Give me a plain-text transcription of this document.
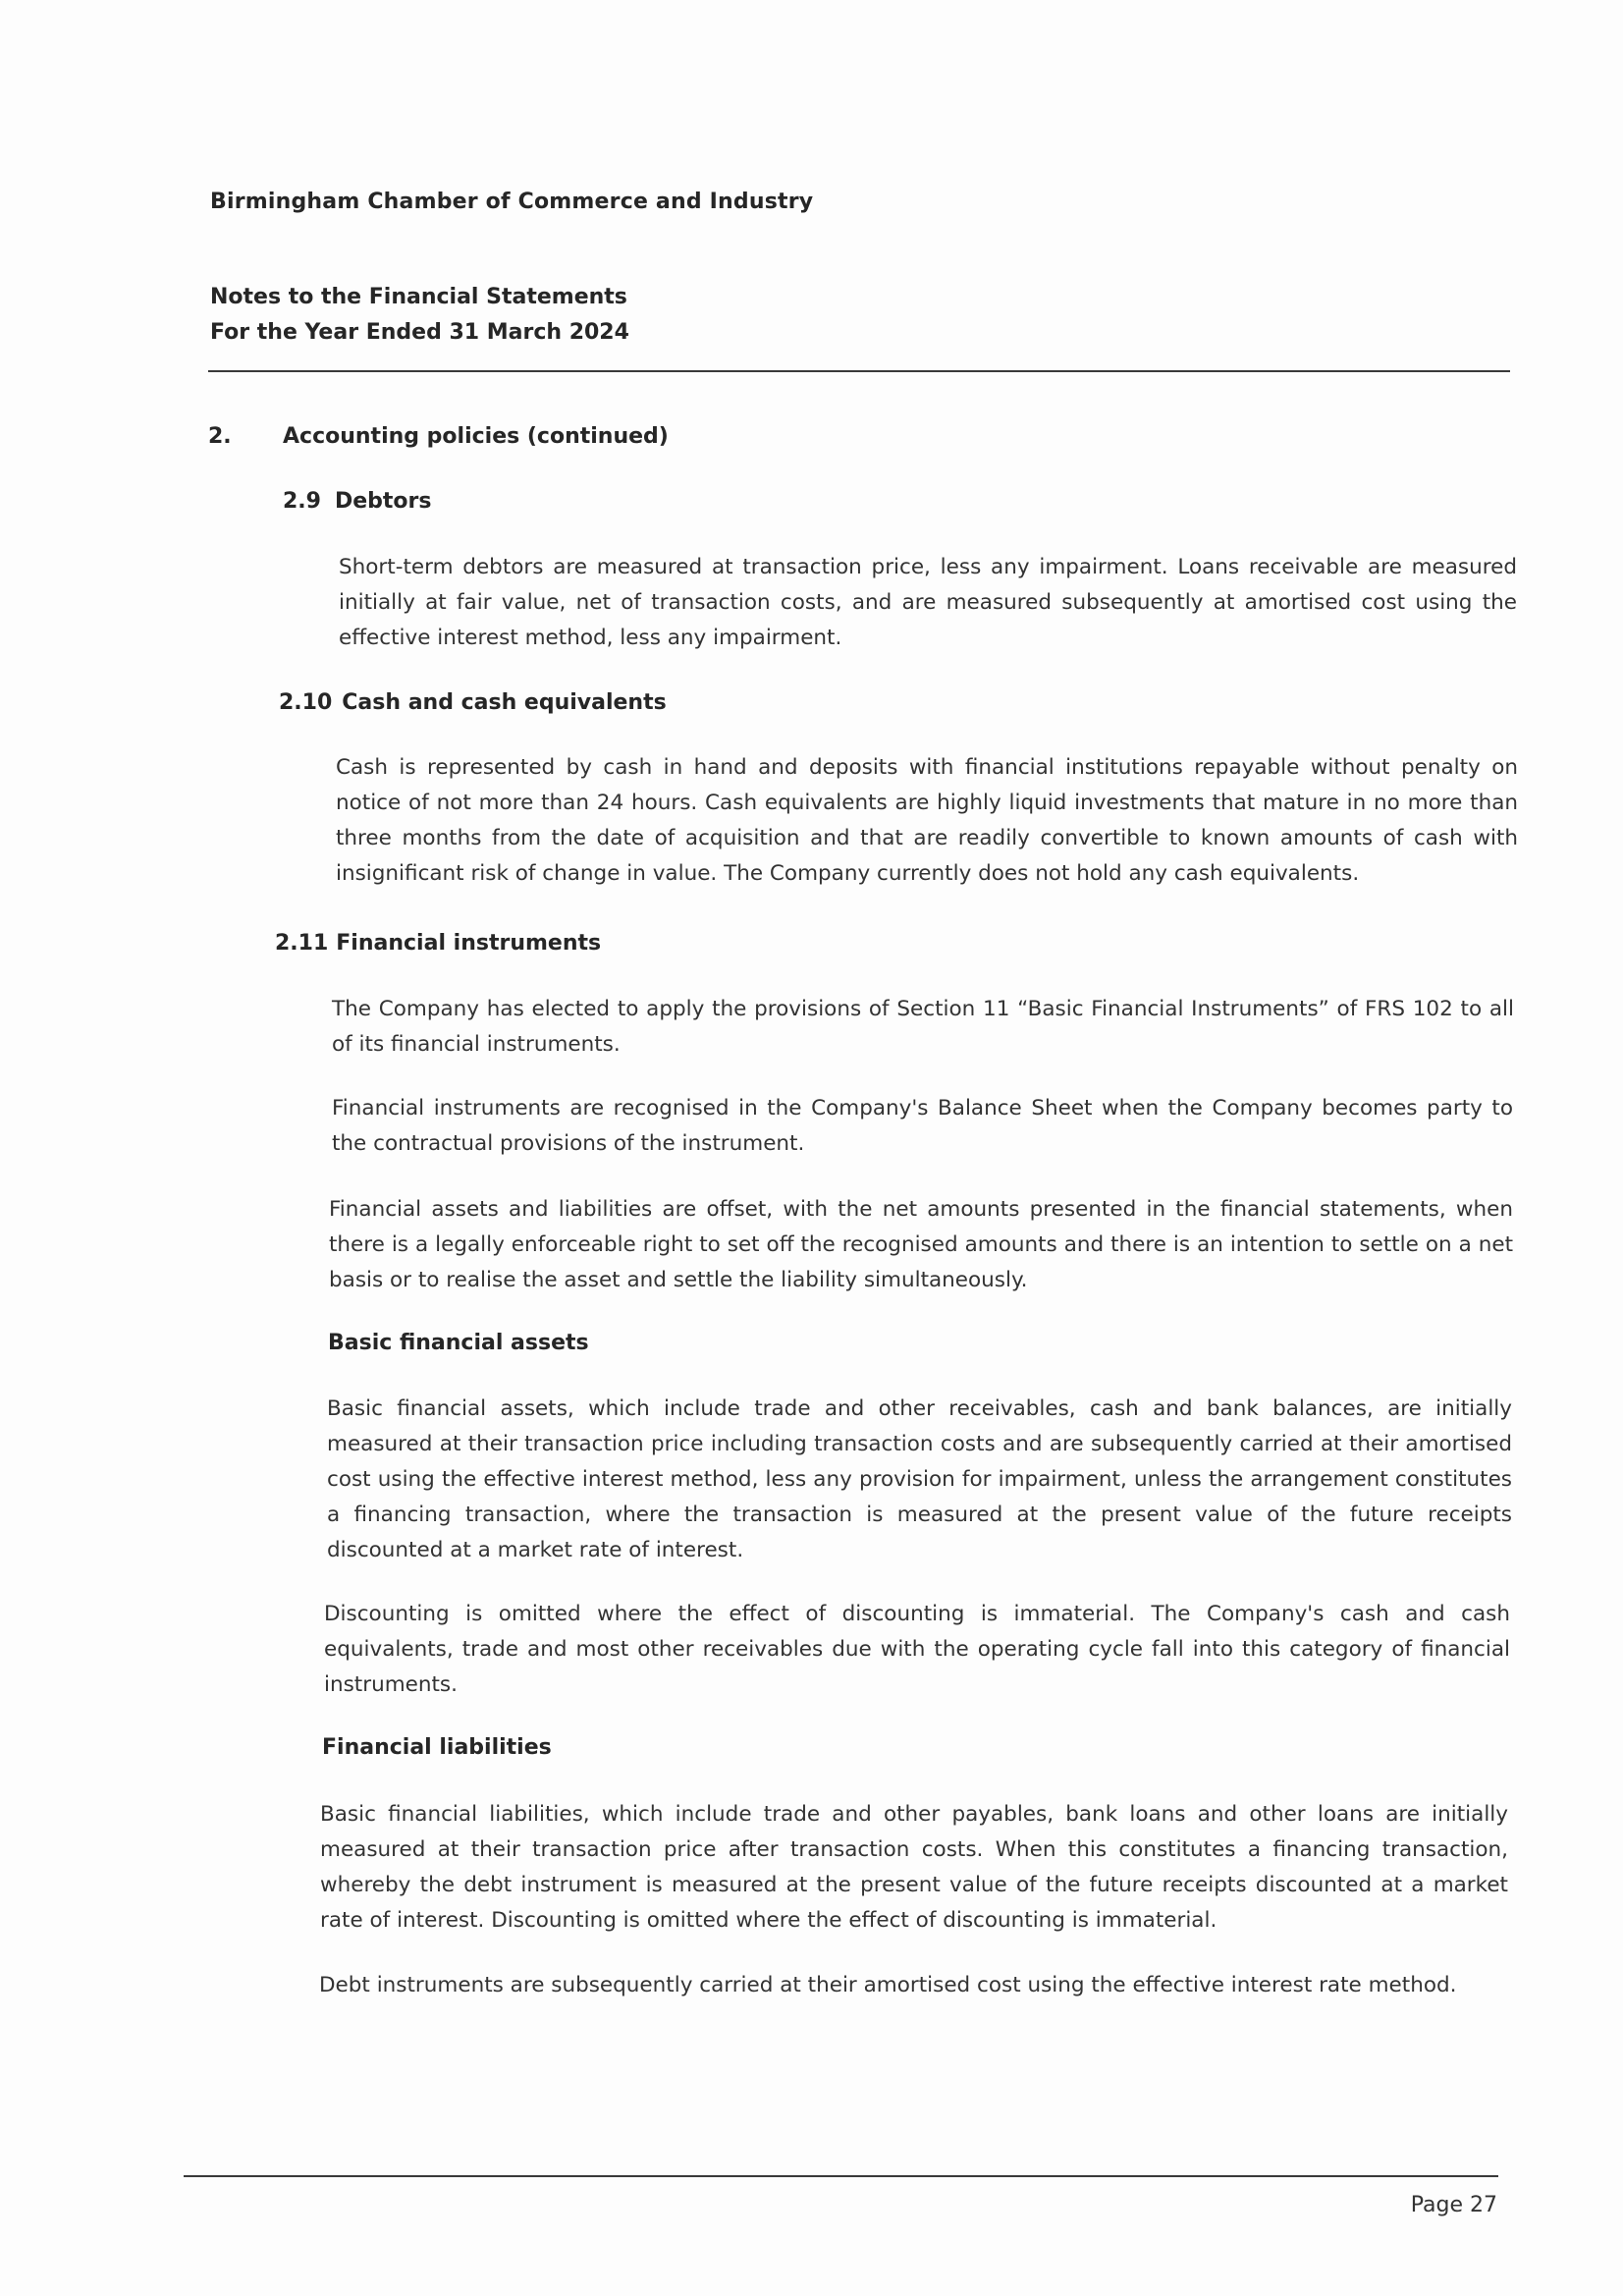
Birmingham Chamber of Commerce and Industry
Notes to the Financial Statements
For the Year Ended 31 March 2024
2. Accounting policies (continued)
2.9 Debtors
Short-term debtors are measured at transaction price, less any impairment. Loans receivable are measured initially at fair value, net of transaction costs, and are measured subsequently at amortised cost using the effective interest method, less any impairment.
2.10 Cash and cash equivalents
Cash is represented by cash in hand and deposits with financial institutions repayable without penalty on notice of not more than 24 hours. Cash equivalents are highly liquid investments that mature in no more than three months from the date of acquisition and that are readily convertible to known amounts of cash with insignificant risk of change in value. The Company currently does not hold any cash equivalents.
2.11 Financial instruments
The Company has elected to apply the provisions of Section 11 “Basic Financial Instruments” of FRS 102 to all of its financial instruments.
Financial instruments are recognised in the Company's Balance Sheet when the Company becomes party to the contractual provisions of the instrument.
Financial assets and liabilities are offset, with the net amounts presented in the financial statements, when there is a legally enforceable right to set off the recognised amounts and there is an intention to settle on a net basis or to realise the asset and settle the liability simultaneously.
Basic financial assets
Basic financial assets, which include trade and other receivables, cash and bank balances, are initially measured at their transaction price including transaction costs and are subsequently carried at their amortised cost using the effective interest method, less any provision for impairment, unless the arrangement constitutes a financing transaction, where the transaction is measured at the present value of the future receipts discounted at a market rate of interest.
Discounting is omitted where the effect of discounting is immaterial. The Company's cash and cash equivalents, trade and most other receivables due with the operating cycle fall into this category of financial instruments.
Financial liabilities
Basic financial liabilities, which include trade and other payables, bank loans and other loans are initially measured at their transaction price after transaction costs. When this constitutes a financing transaction, whereby the debt instrument is measured at the present value of the future receipts discounted at a market rate of interest. Discounting is omitted where the effect of discounting is immaterial.
Debt instruments are subsequently carried at their amortised cost using the effective interest rate method.
Page 27
